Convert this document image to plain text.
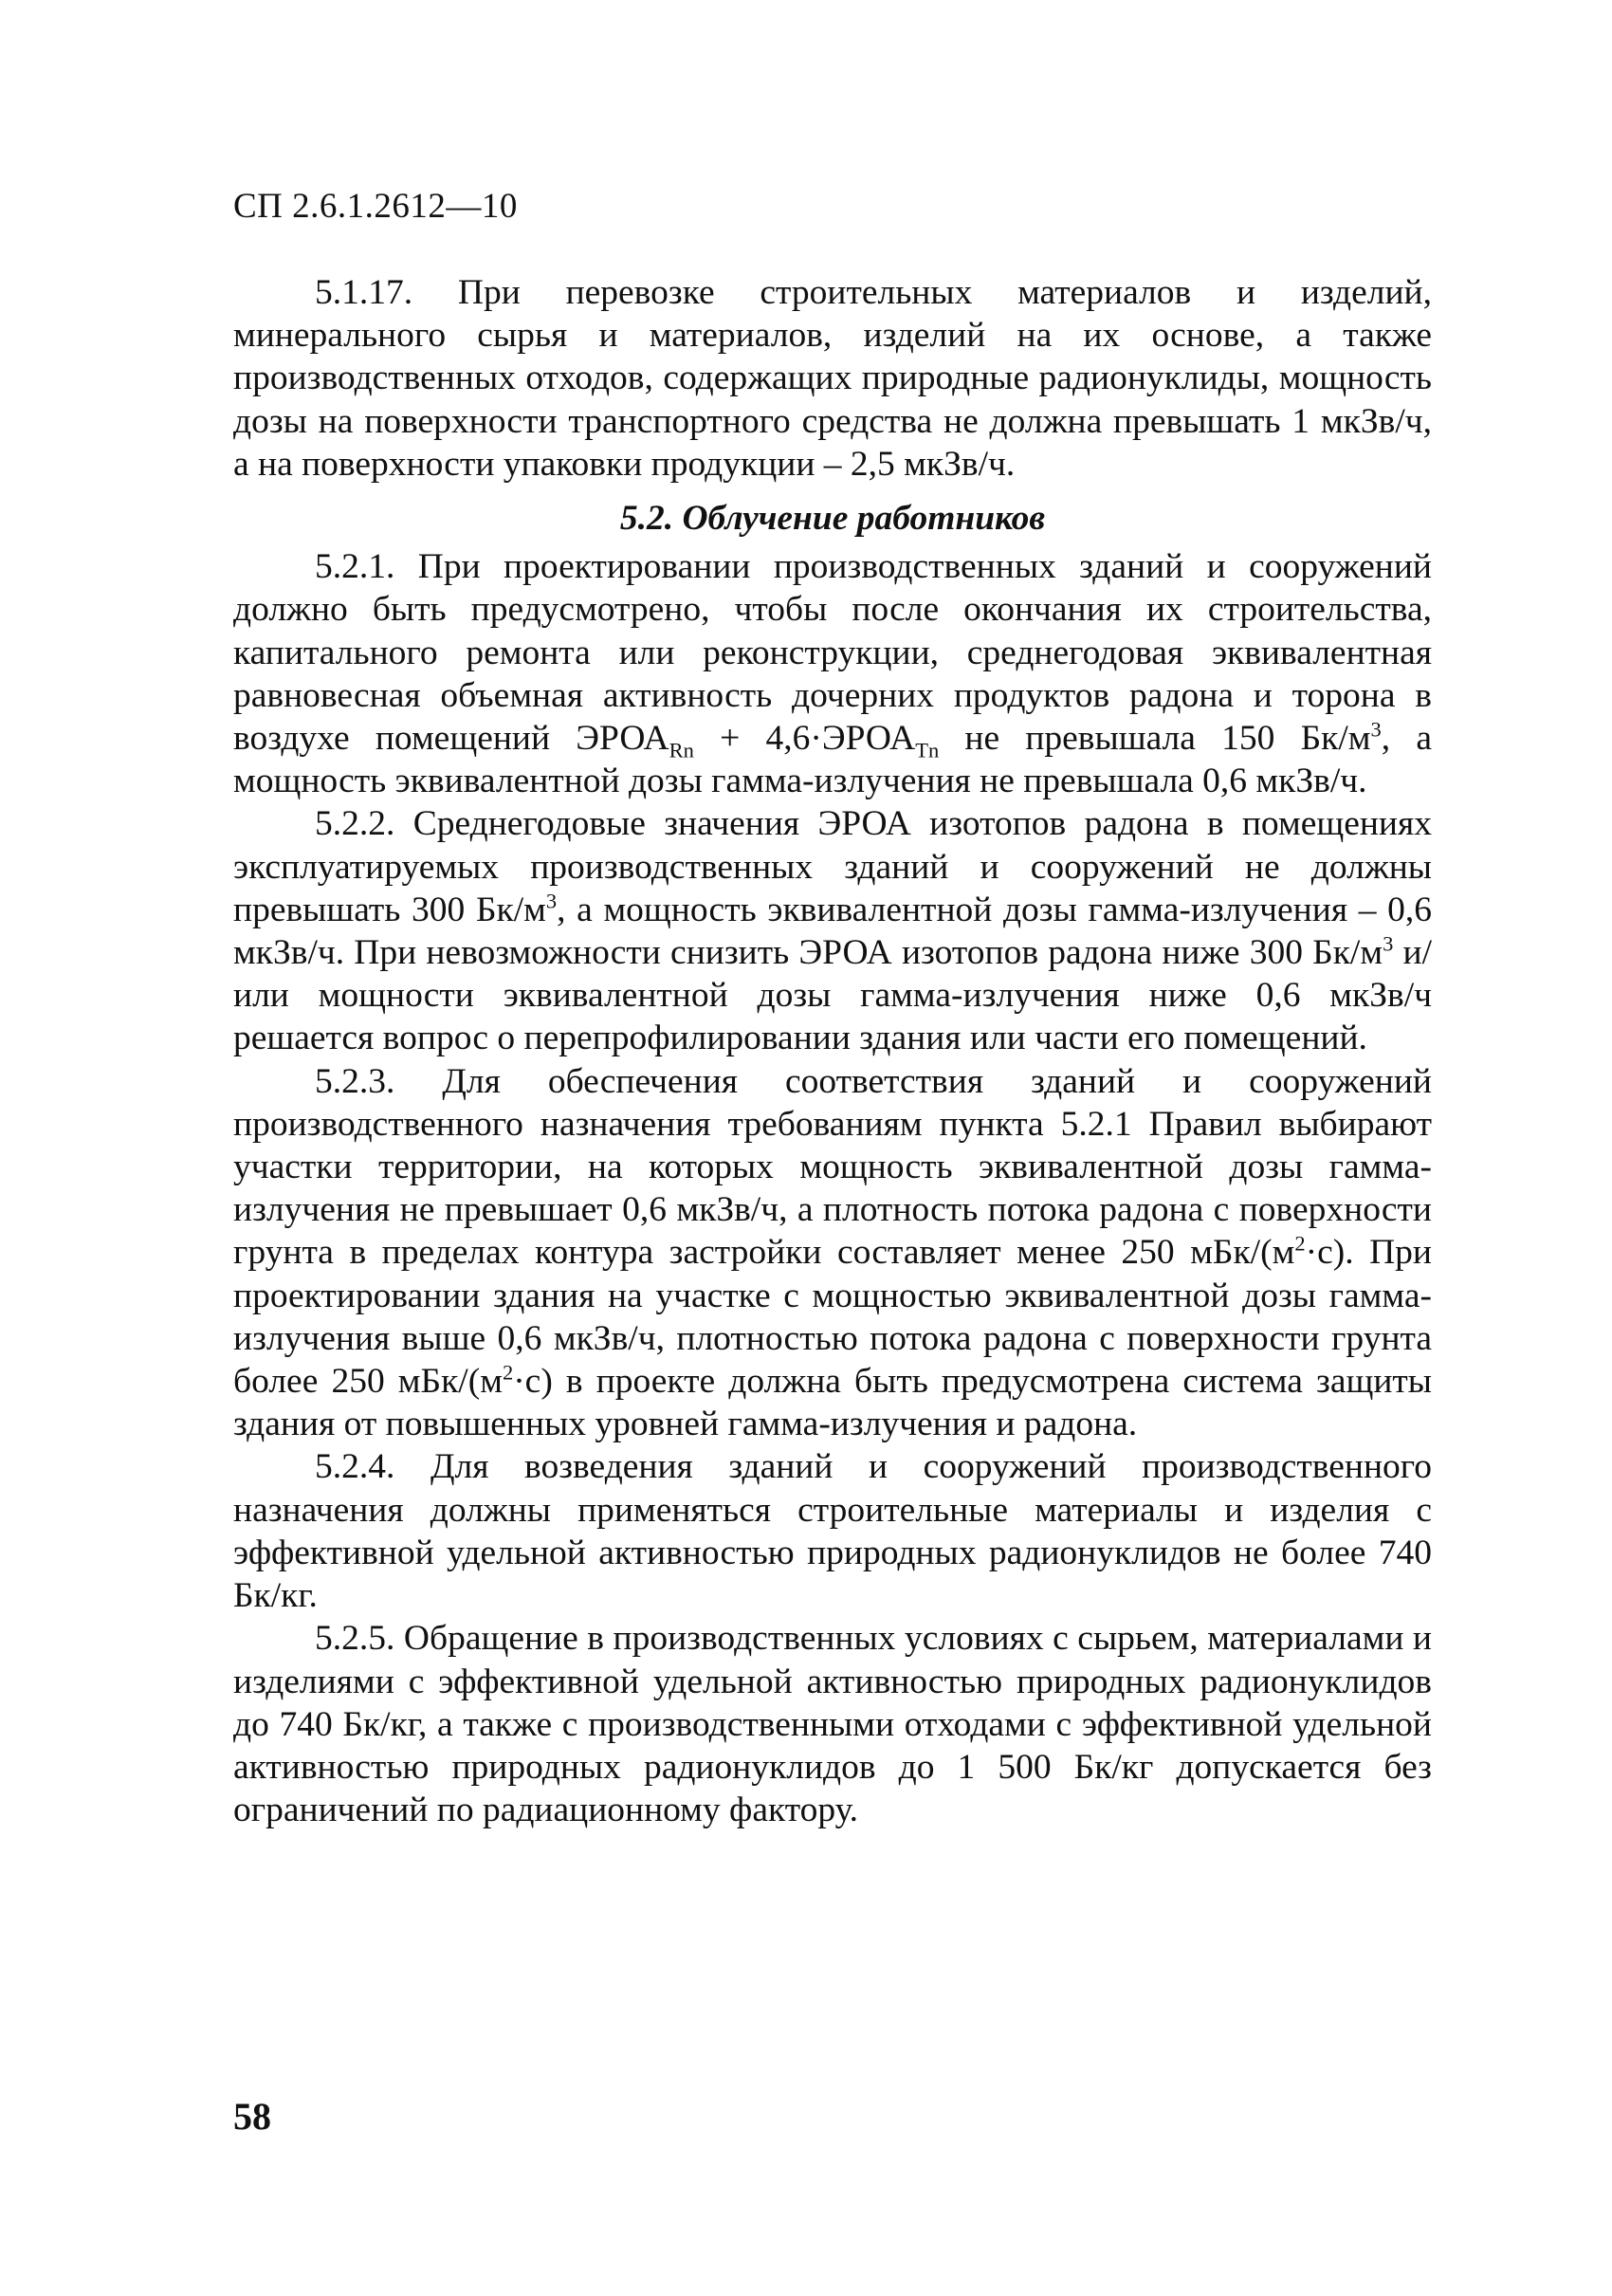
СП 2.6.1.2612—10

5.1.17. При перевозке строительных материалов и изделий, минерального сырья и материалов, изделий на их основе, а также производственных отходов, содержащих природные радионуклиды, мощность дозы на поверхности транспортного средства не должна превышать 1 мкЗв/ч, а на поверхности упаковки продукции – 2,5 мкЗв/ч.

5.2. Облучение работников

5.2.1. При проектировании производственных зданий и сооружений должно быть предусмотрено, чтобы после окончания их строительства, капитального ремонта или реконструкции, среднегодовая эквивалентная равновесная объемная активность дочерних продуктов радона и торона в воздухе помещений $ЭРОА_{Rn}$ + $4,6\cdot ЭРОА_{Tn}$ не превышала 150 $Бк/м^3$, а мощность эквивалентной дозы гамма-излучения не превышала 0,6 мкЗв/ч.

5.2.2. Среднегодовые значения ЭРОА изотопов радона в помещениях эксплуатируемых производственных зданий и сооружений не должны превышать 300 $Бк/м^3$, а мощность эквивалентной дозы гамма-излучения – 0,6 мкЗв/ч. При невозможности снизить ЭРОА изотопов радона ниже 300 $Бк/м^3$ и/или мощности эквивалентной дозы гамма-излучения ниже 0,6 мкЗв/ч решается вопрос о перепрофилировании здания или части его помещений.

5.2.3. Для обеспечения соответствия зданий и сооружений производственного назначения требованиям пункта 5.2.1 Правил выбирают участки территории, на которых мощность эквивалентной дозы гамма-излучения не превышает 0,6 мкЗв/ч, а плотность потока радона с поверхности грунта в пределах контура застройки составляет менее 250 мБк/$(м^2\cdot с)$. При проектировании здания на участке с мощностью эквивалентной дозы гамма-излучения выше 0,6 мкЗв/ч, плотностью потока радона с поверхности грунта более 250 мБк/$(м^2\cdot с)$ в проекте должна быть предусмотрена система защиты здания от повышенных уровней гамма-излучения и радона.

5.2.4. Для возведения зданий и сооружений производственного назначения должны применяться строительные материалы и изделия с эффективной удельной активностью природных радионуклидов не более 740 Бк/кг.

5.2.5. Обращение в производственных условиях с сырьем, материалами и изделиями с эффективной удельной активностью природных радионуклидов до 740 Бк/кг, а также с производственными отходами с эффективной удельной активностью природных радионуклидов до 1 500 Бк/кг допускается без ограничений по радиационному фактору.

58
